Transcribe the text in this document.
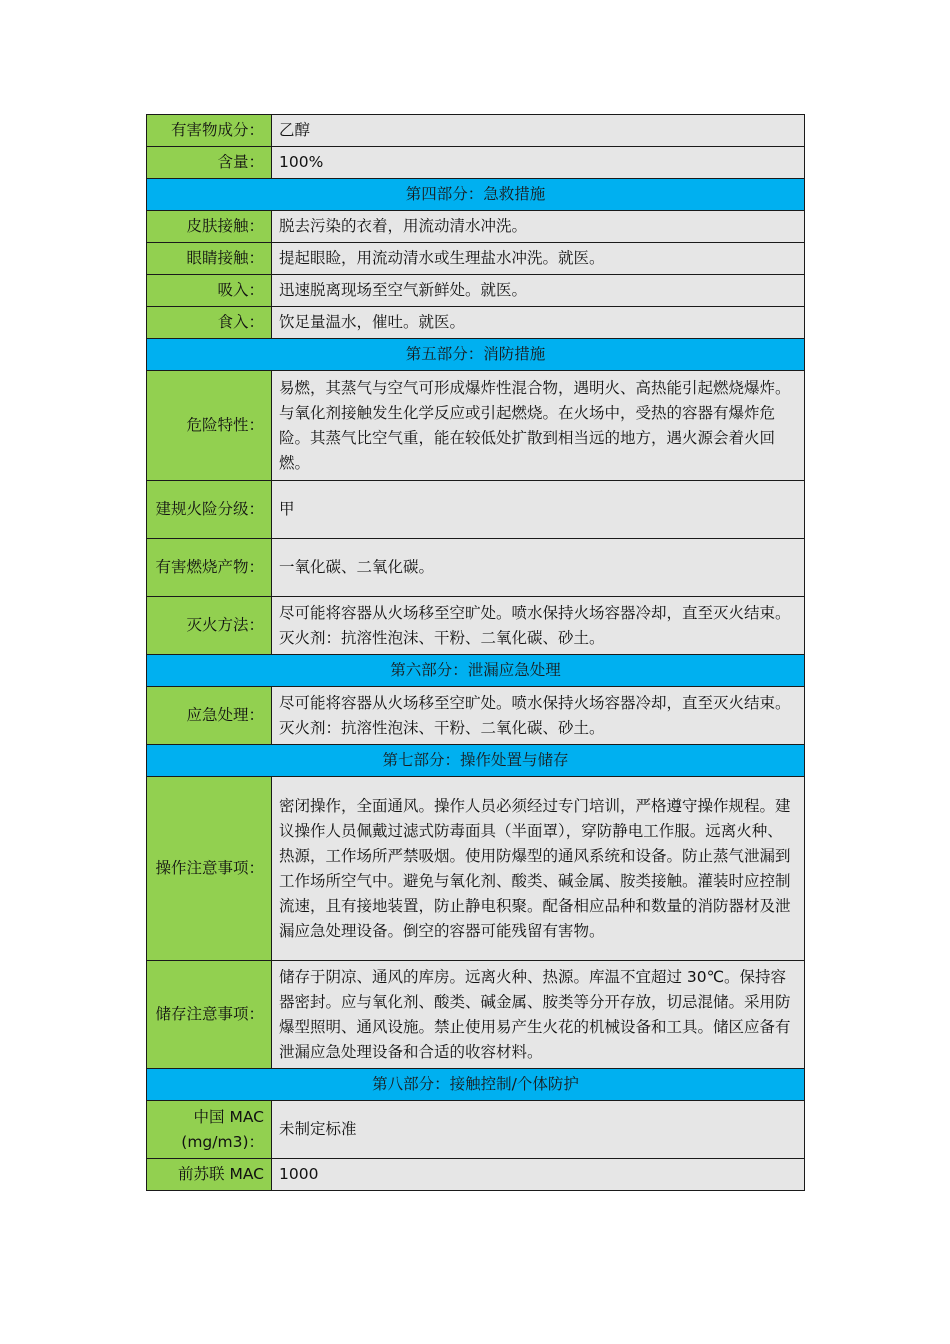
有害物成分：	乙醇
含量：	100%
第四部分：急救措施	
皮肤接触：	脱去污染的衣着，用流动清水冲洗。
眼睛接触：	提起眼睑，用流动清水或生理盐水冲洗。就医。
吸入：	迅速脱离现场至空气新鲜处。就医。
食入：	饮足量温水，催吐。就医。
第五部分：消防措施	
危险特性：	易燃，其蒸气与空气可形成爆炸性混合物，遇明火、高热能引起燃烧爆炸。与氧化剂接触发生化学反应或引起燃烧。在火场中，受热的容器有爆炸危险。其蒸气比空气重，能在较低处扩散到相当远的地方，遇火源会着火回燃。
建规火险分级：	甲
有害燃烧产物：	一氧化碳、二氧化碳。
灭火方法：	尽可能将容器从火场移至空旷处。喷水保持火场容器冷却，直至灭火结束。灭火剂：抗溶性泡沫、干粉、二氧化碳、砂土。
第六部分：泄漏应急处理	
应急处理：	尽可能将容器从火场移至空旷处。喷水保持火场容器冷却，直至灭火结束。灭火剂：抗溶性泡沫、干粉、二氧化碳、砂土。
第七部分：操作处置与储存	
操作注意事项：	密闭操作，全面通风。操作人员必须经过专门培训，严格遵守操作规程。建议操作人员佩戴过滤式防毒面具（半面罩），穿防静电工作服。远离火种、热源，工作场所严禁吸烟。使用防爆型的通风系统和设备。防止蒸气泄漏到工作场所空气中。避免与氧化剂、酸类、碱金属、胺类接触。灌装时应控制流速，且有接地装置，防止静电积聚。配备相应品种和数量的消防器材及泄漏应急处理设备。倒空的容器可能残留有害物。
储存注意事项：	储存于阴凉、通风的库房。远离火种、热源。库温不宜超过 30℃。保持容器密封。应与氧化剂、酸类、碱金属、胺类等分开存放，切忌混储。采用防爆型照明、通风设施。禁止使用易产生火花的机械设备和工具。储区应备有泄漏应急处理设备和合适的收容材料。
第八部分：接触控制/个体防护	
中国 MAC (mg/m3)：	未制定标准
前苏联 MAC	1000
